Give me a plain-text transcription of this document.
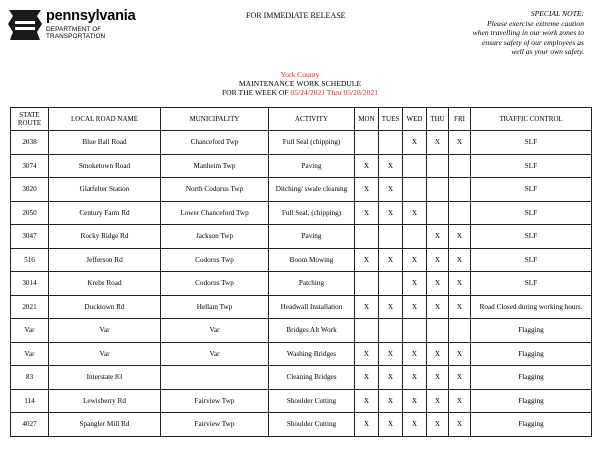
pennsylvania
DEPARTMENT OF TRANSPORTATION
FOR IMMEDIATE RELEASE	SPECIAL NOTE:
Please exercise extreme caution
when travelling in our work zones to
ensure safety of our employees as
well as your own safety.
York County
MAINTENANCE WORK SCHEDULE
FOR THE WEEK OF 05/24/2021 Thru 05/28/2021
STATE ROUTE	LOCAL ROAD NAME	MUNICIPALITY	ACTIVITY	MON	TUES	WED	THU	FRI	TRAFFIC CONTROL
2038	Blue Ball Road	Chanceford Twp	Full Seal (chipping)			X	X	X	SLF
3074	Smoketown Road	Manheim Twp	Paving	X	X				SLF
3020	Glatfelter Station	North Codorus Twp	Ditching/ swale cleaning	X	X				SLF
2050	Century Farm Rd	Lower Chanceford Twp	Full Seal, (chipping)	X	X	X			SLF
3047	Rocky Ridge Rd	Jackson Twp	Paving				X	X	SLF
516	Jefferson Rd	Codorus Twp	Boom Mowing	X	X	X	X	X	SLF
3014	Krebs Road	Codorus Twp	Patching			X	X	X	SLF
2021	Ducktown Rd	Hellam Twp	Headwall Installation	X	X	X	X	X	Road Closed during working hours.
Var	Var	Var	Bridges Alt Work						Flagging
Var	Var	Var	Washing Bridges	X	X	X	X	X	Flagging
83	Interstate 83		Cleaning Bridges	X	X	X	X	X	Flagging
114	Lewisberry Rd	Fairview Twp	Shoulder Cutting	X	X	X	X	X	Flagging
4027	Spangler Mill Rd	Fairview Twp	Shoulder Cutting	X	X	X	X	X	Flagging
